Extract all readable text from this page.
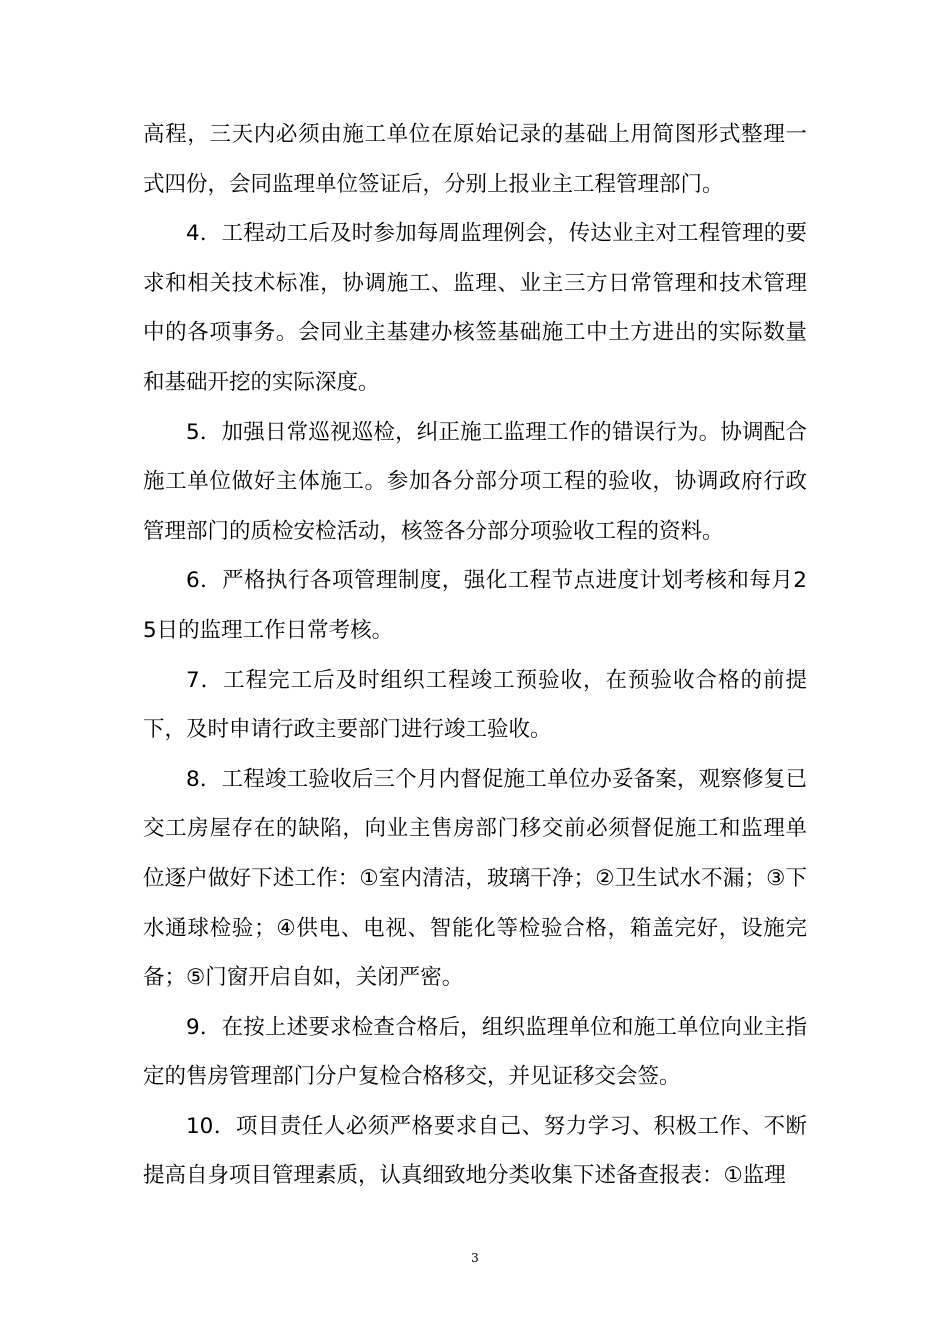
高程，三天内必须由施工单位在原始记录的基础上用简图形式整理一式四份，会同监理单位签证后，分别上报业主工程管理部门。

4．工程动工后及时参加每周监理例会，传达业主对工程管理的要求和相关技术标准，协调施工、监理、业主三方日常管理和技术管理中的各项事务。会同业主基建办核签基础施工中土方进出的实际数量和基础开挖的实际深度。

5．加强日常巡视巡检，纠正施工监理工作的错误行为。协调配合施工单位做好主体施工。参加各分部分项工程的验收，协调政府行政管理部门的质检安检活动，核签各分部分项验收工程的资料。

6．严格执行各项管理制度，强化工程节点进度计划考核和每月25日的监理工作日常考核。

7．工程完工后及时组织工程竣工预验收，在预验收合格的前提下，及时申请行政主要部门进行竣工验收。

8．工程竣工验收后三个月内督促施工单位办妥备案，观察修复已交工房屋存在的缺陷，向业主售房部门移交前必须督促施工和监理单位逐户做好下述工作：①室内清洁，玻璃干净；②卫生试水不漏；③下水通球检验；④供电、电视、智能化等检验合格，箱盖完好，设施完备；⑤门窗开启自如，关闭严密。

9．在按上述要求检查合格后，组织监理单位和施工单位向业主指定的售房管理部门分户复检合格移交，并见证移交会签。

10．项目责任人必须严格要求自己、努力学习、积极工作、不断提高自身项目管理素质，认真细致地分类收集下述备查报表：①监理

3
